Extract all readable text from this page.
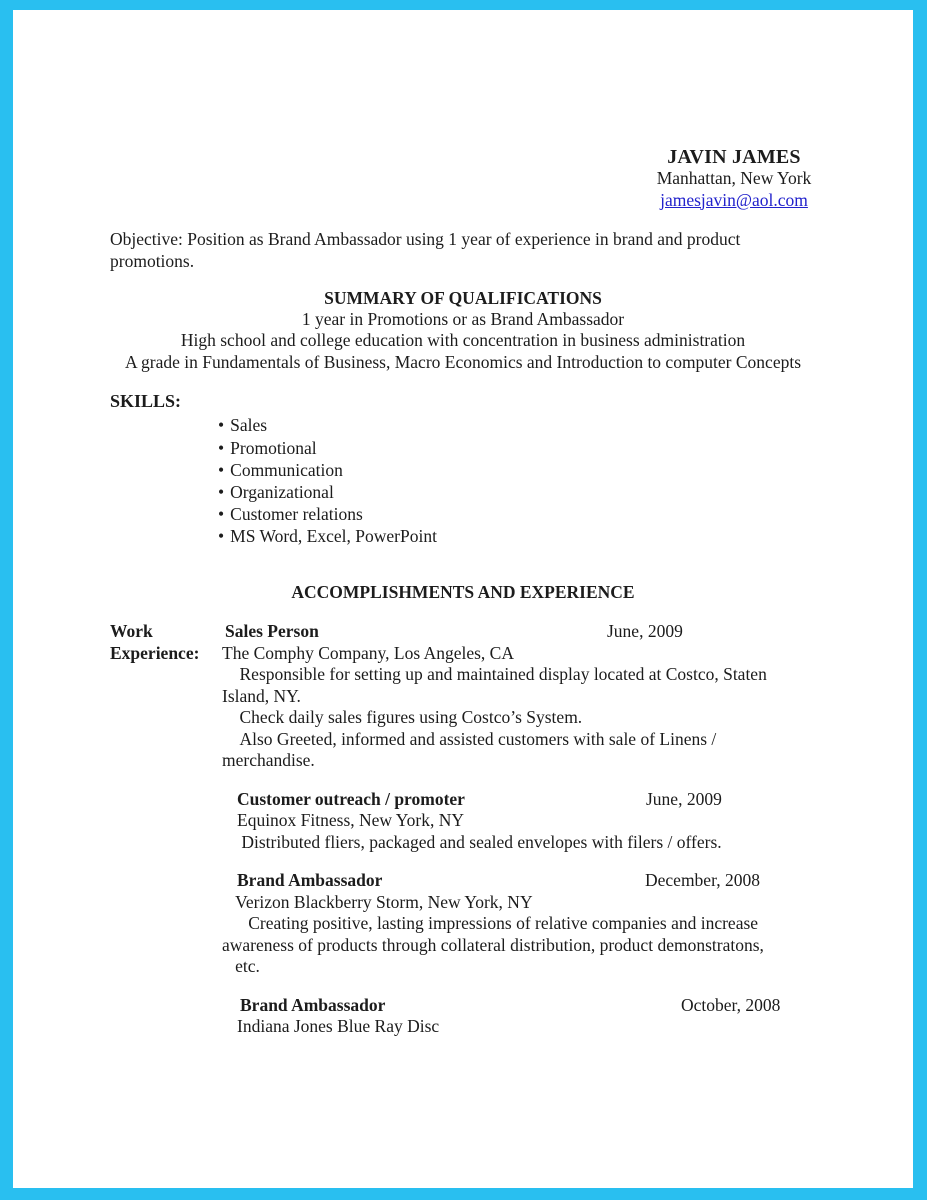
JAVIN JAMES
Manhattan, New York
jamesjavin@aol.com
Objective: Position as Brand Ambassador using 1 year of experience in brand and product
promotions.
SUMMARY OF QUALIFICATIONS
1 year in Promotions or as Brand Ambassador
High school and college education with concentration in business administration
A grade in Fundamentals of Business, Macro Economics and Introduction to computer Concepts
SKILLS:
• Sales
• Promotional
• Communication
• Organizational
• Customer relations
• MS Word, Excel, PowerPoint
ACCOMPLISHMENTS AND EXPERIENCE
Work
Experience:
Sales Person	June, 2009
The Comphy Company, Los Angeles, CA
Responsible for setting up and maintained display located at Costco, Staten
Island, NY.
Check daily sales figures using Costco’s System.
Also Greeted, informed and assisted customers with sale of Linens /
merchandise.
Customer outreach / promoter	June, 2009
Equinox Fitness, New York, NY
Distributed fliers, packaged and sealed envelopes with filers / offers.
Brand Ambassador	December, 2008
Verizon Blackberry Storm, New York, NY
Creating positive, lasting impressions of relative companies and increase
awareness of products through collateral distribution, product demonstratons,
etc.
Brand Ambassador	October, 2008
Indiana Jones Blue Ray Disc
